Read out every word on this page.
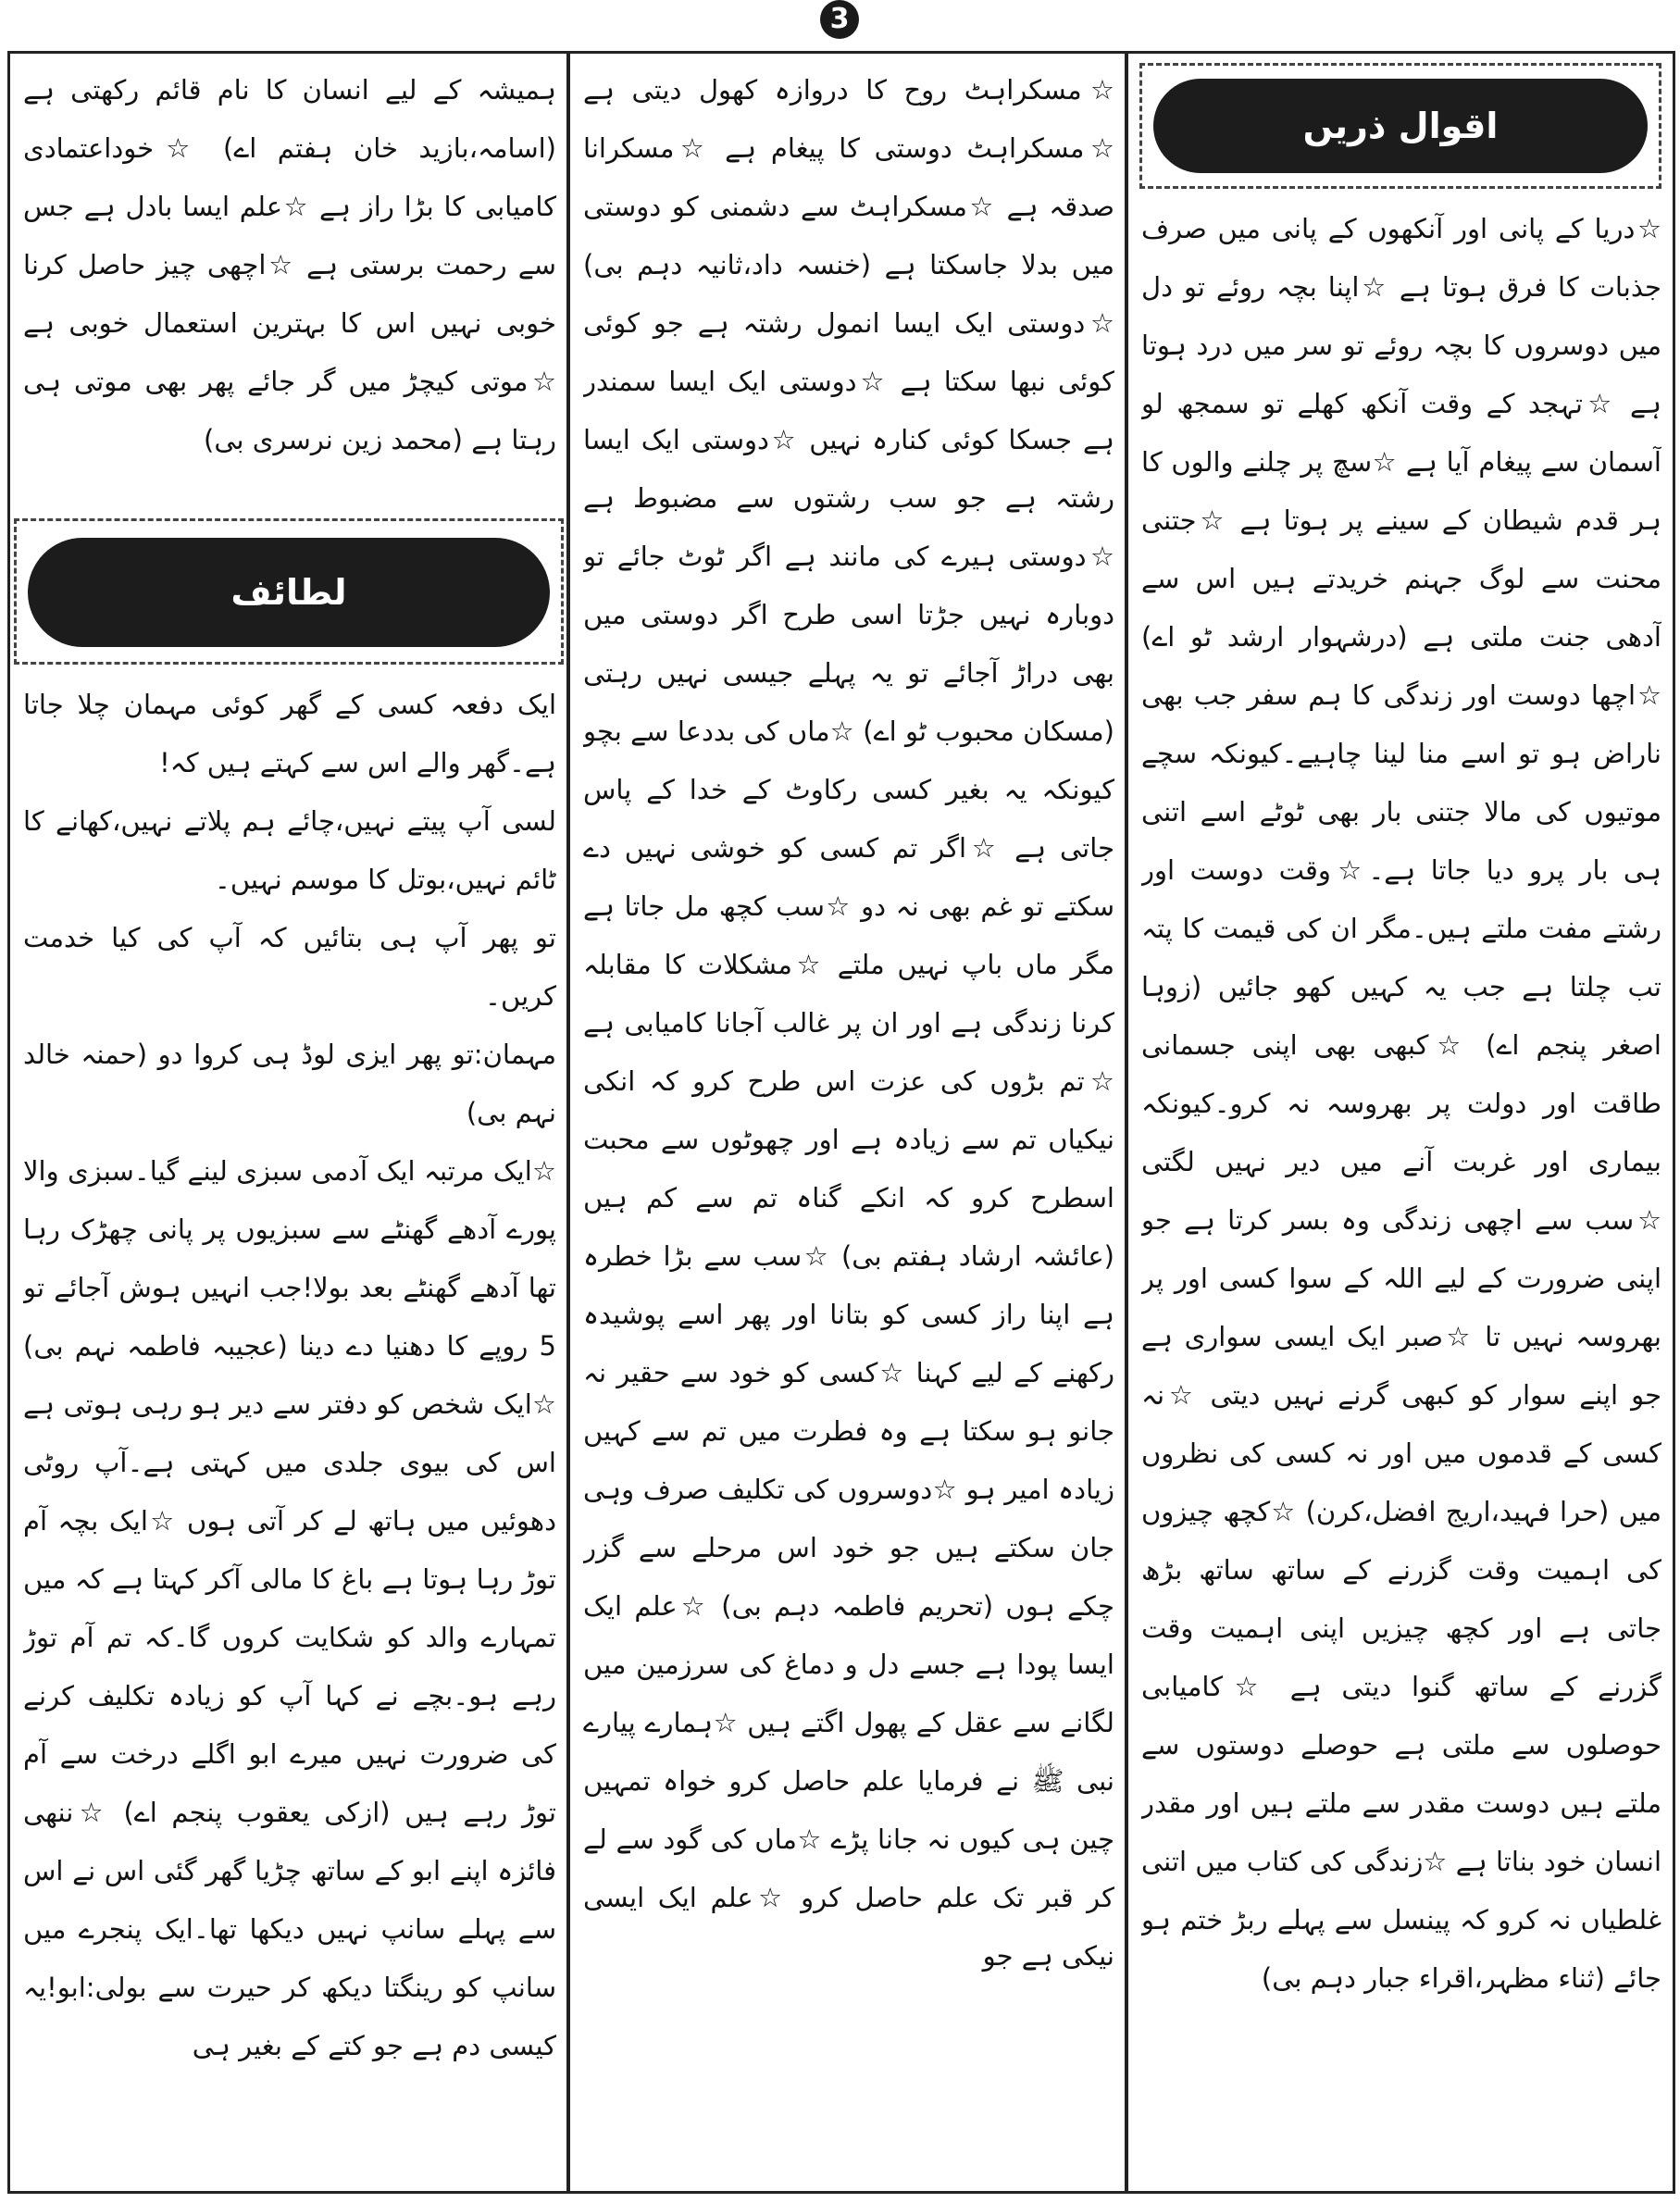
3
اقوال ذریں
☆دریا کے پانی اور آنکھوں کے پانی میں صرف جذبات کا فرق ہوتا ہے ☆اپنا بچہ روئے تو دل میں دوسروں کا بچہ روئے تو سر میں درد ہوتا ہے ☆تہجد کے وقت آنکھ کھلے تو سمجھ لو آسمان سے پیغام آیا ہے ☆سچ پر چلنے والوں کا ہر قدم شیطان کے سینے پر ہوتا ہے ☆جتنی محنت سے لوگ جہنم خریدتے ہیں اس سے آدھی جنت ملتی ہے (درشہوار ارشد ٹو اے) ☆اچھا دوست اور زندگی کا ہم سفر جب بھی ناراض ہو تو اسے منا لینا چاہیے۔کیونکہ سچے موتیوں کی مالا جتنی بار بھی ٹوٹے اسے اتنی ہی بار پرو دیا جاتا ہے۔☆وقت دوست اور رشتے مفت ملتے ہیں۔مگر ان کی قیمت کا پتہ تب چلتا ہے جب یہ کہیں کھو جائیں (زوہا اصغر پنجم اے) ☆کبھی بھی اپنی جسمانی طاقت اور دولت پر بھروسہ نہ کرو۔کیونکہ بیماری اور غربت آنے میں دیر نہیں لگتی ☆سب سے اچھی زندگی وہ بسر کرتا ہے جو اپنی ضرورت کے لیے اللہ کے سوا کسی اور پر بھروسہ نہیں تا ☆صبر ایک ایسی سواری ہے جو اپنے سوار کو کبھی گرنے نہیں دیتی ☆نہ کسی کے قدموں میں اور نہ کسی کی نظروں میں (حرا فہید،اریج افضل،کرن) ☆کچھ چیزوں کی اہمیت وقت گزرنے کے ساتھ ساتھ بڑھ جاتی ہے اور کچھ چیزیں اپنی اہمیت وقت گزرنے کے ساتھ گنوا دیتی ہے ☆کامیابی حوصلوں سے ملتی ہے حوصلے دوستوں سے ملتے ہیں دوست مقدر سے ملتے ہیں اور مقدر انسان خود بناتا ہے ☆زندگی کی کتاب میں اتنی غلطیاں نہ کرو کہ پینسل سے پہلے ربڑ ختم ہو جائے (ثناء مظہر،اقراء جبار دہم بی)
☆مسکراہٹ روح کا دروازہ کھول دیتی ہے ☆مسکراہٹ دوستی کا پیغام ہے ☆مسکرانا صدقہ ہے ☆مسکراہٹ سے دشمنی کو دوستی میں بدلا جاسکتا ہے (خنسہ داد،ثانیہ دہم بی) ☆دوستی ایک ایسا انمول رشتہ ہے جو کوئی کوئی نبھا سکتا ہے ☆دوستی ایک ایسا سمندر ہے جسکا کوئی کنارہ نہیں ☆دوستی ایک ایسا رشتہ ہے جو سب رشتوں سے مضبوط ہے ☆دوستی ہیرے کی مانند ہے اگر ٹوٹ جائے تو دوبارہ نہیں جڑتا اسی طرح اگر دوستی میں بھی دراڑ آجائے تو یہ پہلے جیسی نہیں رہتی (مسکان محبوب ٹو اے) ☆ماں کی بددعا سے بچو کیونکہ یہ بغیر کسی رکاوٹ کے خدا کے پاس جاتی ہے ☆اگر تم کسی کو خوشی نہیں دے سکتے تو غم بھی نہ دو ☆سب کچھ مل جاتا ہے مگر ماں باپ نہیں ملتے ☆مشکلات کا مقابلہ کرنا زندگی ہے اور ان پر غالب آجانا کامیابی ہے ☆تم بڑوں کی عزت اس طرح کرو کہ انکی نیکیاں تم سے زیادہ ہے اور چھوٹوں سے محبت اسطرح کرو کہ انکے گناہ تم سے کم ہیں (عائشہ ارشاد ہفتم بی) ☆سب سے بڑا خطرہ ہے اپنا راز کسی کو بتانا اور پھر اسے پوشیدہ رکھنے کے لیے کہنا ☆کسی کو خود سے حقیر نہ جانو ہو سکتا ہے وہ فطرت میں تم سے کہیں زیادہ امیر ہو ☆دوسروں کی تکلیف صرف وہی جان سکتے ہیں جو خود اس مرحلے سے گزر چکے ہوں (تحریم فاطمہ دہم بی) ☆علم ایک ایسا پودا ہے جسے دل و دماغ کی سرزمین میں لگانے سے عقل کے پھول اگتے ہیں ☆ہمارے پیارے نبی ﷺ نے فرمایا علم حاصل کرو خواہ تمہیں چین ہی کیوں نہ جانا پڑے ☆ماں کی گود سے لے کر قبر تک علم حاصل کرو ☆علم ایک ایسی نیکی ہے جو
ہمیشہ کے لیے انسان کا نام قائم رکھتی ہے (اسامہ،بازید خان ہفتم اے) ☆خوداعتمادی کامیابی کا بڑا راز ہے ☆علم ایسا بادل ہے جس سے رحمت برستی ہے ☆اچھی چیز حاصل کرنا خوبی نہیں اس کا بہترین استعمال خوبی ہے ☆موتی کیچڑ میں گر جائے پھر بھی موتی ہی رہتا ہے (محمد زین نرسری بی)
لطائف
ایک دفعہ کسی کے گھر کوئی مہمان چلا جاتا ہے۔گھر والے اس سے کہتے ہیں کہ!
لسی آپ پیتے نہیں،چائے ہم پلاتے نہیں،کھانے کا ٹائم نہیں،بوتل کا موسم نہیں۔
تو پھر آپ ہی بتائیں کہ آپ کی کیا خدمت کریں۔
مہمان:تو پھر ایزی لوڈ ہی کروا دو (حمنہ خالد نہم بی)
☆ایک مرتبہ ایک آدمی سبزی لینے گیا۔سبزی والا پورے آدھے گھنٹے سے سبزیوں پر پانی چھڑک رہا تھا آدھے گھنٹے بعد بولا!جب انہیں ہوش آجائے تو 5 روپے کا دھنیا دے دینا (عجیبہ فاطمہ نہم بی) ☆ایک شخص کو دفتر سے دیر ہو رہی ہوتی ہے اس کی بیوی جلدی میں کہتی ہے۔آپ روٹی دھوئیں میں ہاتھ لے کر آتی ہوں ☆ایک بچہ آم توڑ رہا ہوتا ہے باغ کا مالی آکر کہتا ہے کہ میں تمہارے والد کو شکایت کروں گا۔کہ تم آم توڑ رہے ہو۔بچے نے کہا آپ کو زیادہ تکلیف کرنے کی ضرورت نہیں میرے ابو اگلے درخت سے آم توڑ رہے ہیں (ازکی یعقوب پنجم اے) ☆ننھی فائزہ اپنے ابو کے ساتھ چڑیا گھر گئی اس نے اس سے پہلے سانپ نہیں دیکھا تھا۔ایک پنجرے میں سانپ کو رینگتا دیکھ کر حیرت سے بولی:ابو!یہ کیسی دم ہے جو کتے کے بغیر ہی
